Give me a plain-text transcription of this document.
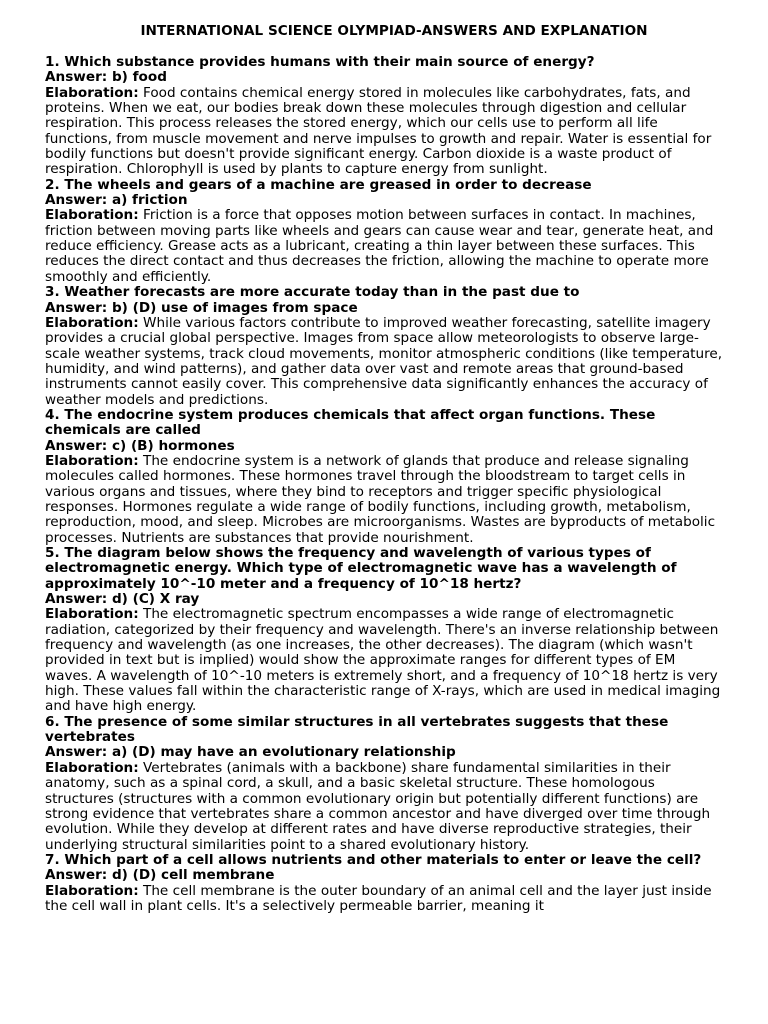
INTERNATIONAL SCIENCE OLYMPIAD-ANSWERS AND EXPLANATION
1. Which substance provides humans with their main source of energy?
Answer: b) food
Elaboration: Food contains chemical energy stored in molecules like carbohydrates, fats, and proteins. When we eat, our bodies break down these molecules through digestion and cellular respiration. This process releases the stored energy, which our cells use to perform all life functions, from muscle movement and nerve impulses to growth and repair. Water is essential for bodily functions but doesn't provide significant energy. Carbon dioxide is a waste product of respiration. Chlorophyll is used by plants to capture energy from sunlight.
2. The wheels and gears of a machine are greased in order to decrease
Answer: a) friction
Elaboration: Friction is a force that opposes motion between surfaces in contact. In machines, friction between moving parts like wheels and gears can cause wear and tear, generate heat, and reduce efficiency. Grease acts as a lubricant, creating a thin layer between these surfaces. This reduces the direct contact and thus decreases the friction, allowing the machine to operate more smoothly and efficiently.
3. Weather forecasts are more accurate today than in the past due to
Answer: b) (D) use of images from space
Elaboration: While various factors contribute to improved weather forecasting, satellite imagery provides a crucial global perspective. Images from space allow meteorologists to observe large-scale weather systems, track cloud movements, monitor atmospheric conditions (like temperature, humidity, and wind patterns), and gather data over vast and remote areas that ground-based instruments cannot easily cover. This comprehensive data significantly enhances the accuracy of weather models and predictions.
4. The endocrine system produces chemicals that affect organ functions. These chemicals are called
Answer: c) (B) hormones
Elaboration: The endocrine system is a network of glands that produce and release signaling molecules called hormones. These hormones travel through the bloodstream to target cells in various organs and tissues, where they bind to receptors and trigger specific physiological responses. Hormones regulate a wide range of bodily functions, including growth, metabolism, reproduction, mood, and sleep. Microbes are microorganisms. Wastes are byproducts of metabolic processes. Nutrients are substances that provide nourishment.
5. The diagram below shows the frequency and wavelength of various types of electromagnetic energy. Which type of electromagnetic wave has a wavelength of approximately 10^-10 meter and a frequency of 10^18 hertz?
Answer: d) (C) X ray
Elaboration: The electromagnetic spectrum encompasses a wide range of electromagnetic radiation, categorized by their frequency and wavelength. There's an inverse relationship between frequency and wavelength (as one increases, the other decreases). The diagram (which wasn't provided in text but is implied) would show the approximate ranges for different types of EM waves. A wavelength of 10^-10 meters is extremely short, and a frequency of 10^18 hertz is very high. These values fall within the characteristic range of X-rays, which are used in medical imaging and have high energy.
6. The presence of some similar structures in all vertebrates suggests that these vertebrates
Answer: a) (D) may have an evolutionary relationship
Elaboration: Vertebrates (animals with a backbone) share fundamental similarities in their anatomy, such as a spinal cord, a skull, and a basic skeletal structure. These homologous structures (structures with a common evolutionary origin but potentially different functions) are strong evidence that vertebrates share a common ancestor and have diverged over time through evolution. While they develop at different rates and have diverse reproductive strategies, their underlying structural similarities point to a shared evolutionary history.
7. Which part of a cell allows nutrients and other materials to enter or leave the cell?
Answer: d) (D) cell membrane
Elaboration: The cell membrane is the outer boundary of an animal cell and the layer just inside the cell wall in plant cells. It's a selectively permeable barrier, meaning it
